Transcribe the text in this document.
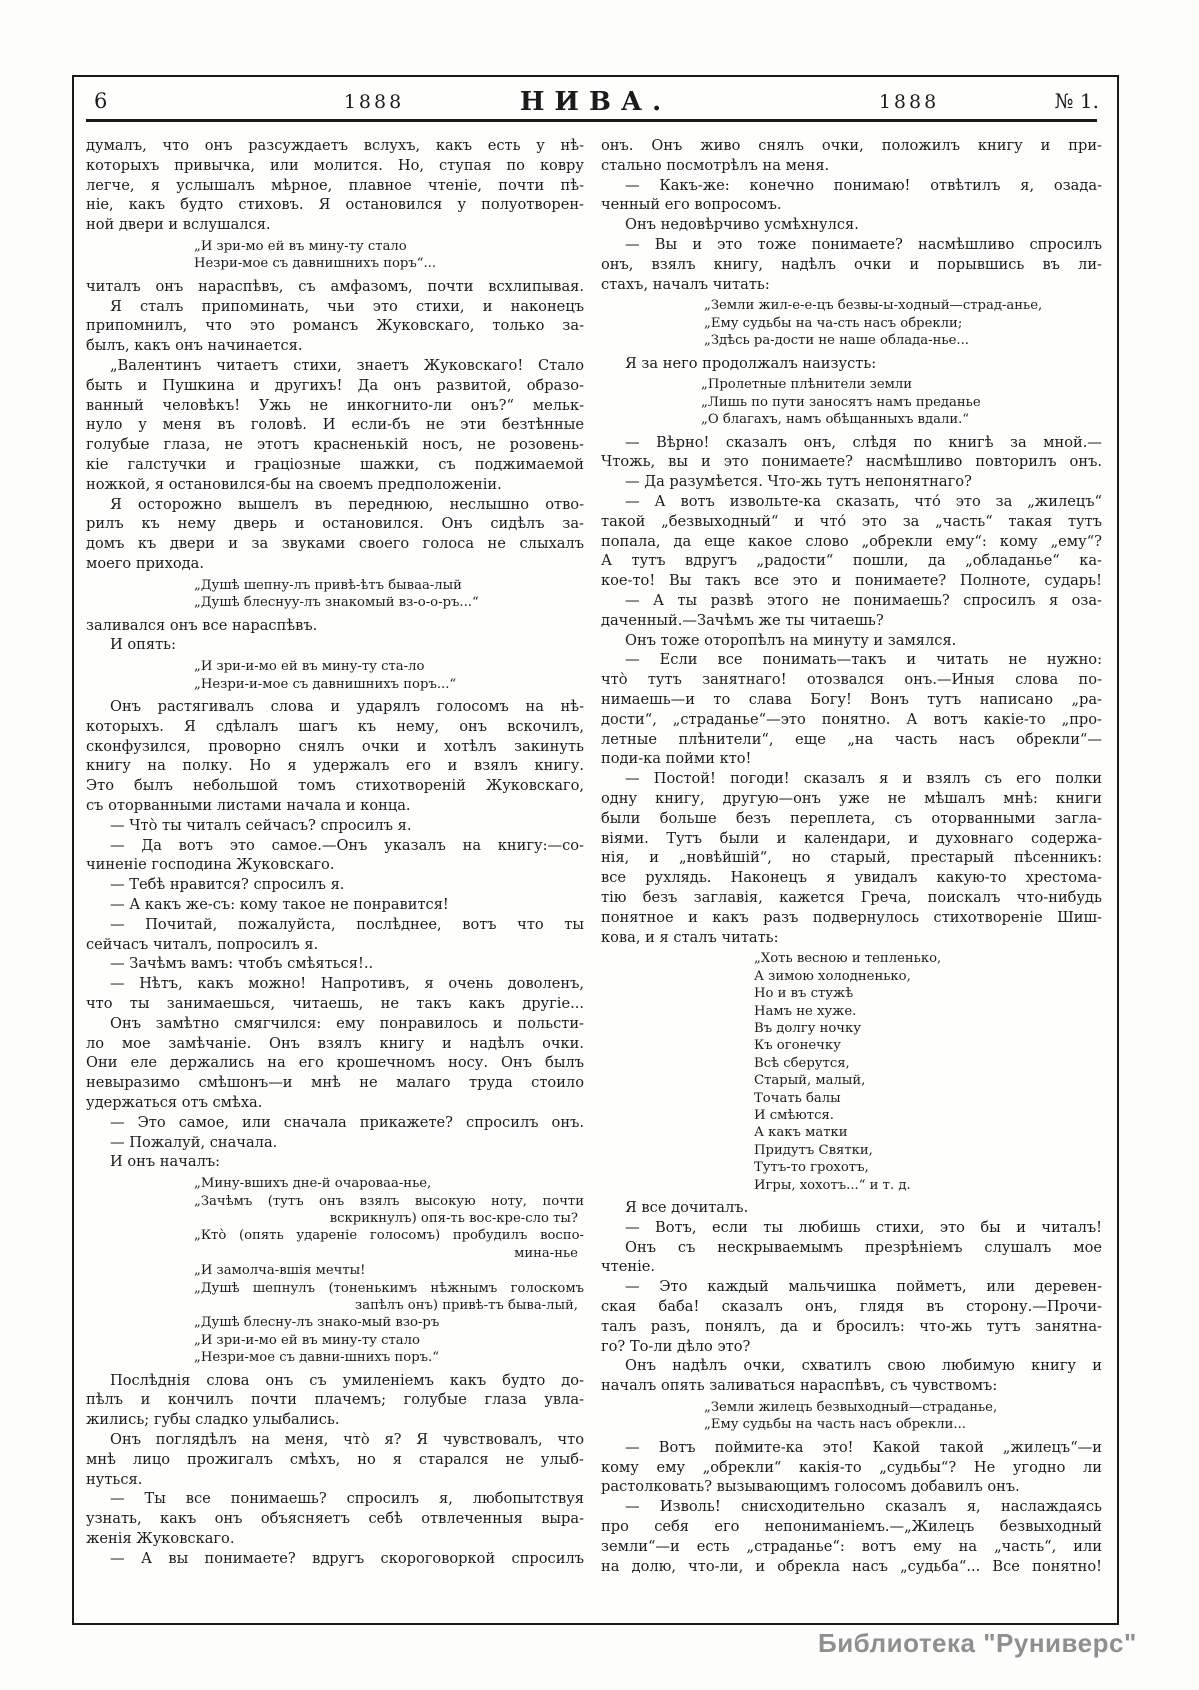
6	1888	НИВА.	1888	№ 1.
думалъ, что онъ разсуждаетъ вслухъ, какъ есть у нѣ-
которыхъ привычка, или молится. Но, ступая по ковру
легче, я услышалъ мѣрное, плавное чтеніе, почти пѣ-
ніе, какъ будто стиховъ. Я остановился у полуотворен-
ной двери и вслушался.
„И зри-мо ей въ мину-ту стало
Незри-мое съ давнишнихъ поръ“...
читалъ онъ нараспѣвъ, съ амфазомъ, почти всхлипывая.
Я сталъ припоминать, чьи это стихи, и наконецъ
припомнилъ, что это романсъ Жуковскаго, только за-
былъ, какъ онъ начинается.
„Валентинъ читаетъ стихи, знаетъ Жуковскаго! Стало
быть и Пушкина и другихъ! Да онъ развитой, образо-
ванный человѣкъ! Ужь не инкогнито-ли онъ?“ мельк-
нуло у меня въ головѣ. И если-бъ не эти безтѣнные
голубые глаза, не этотъ красненькій носъ, не розовень-
кіе галстучки и граціозные шажки, съ поджимаемой
ножкой, я остановился-бы на своемъ предположеніи.
Я осторожно вышелъ въ переднюю, неслышно отво-
рилъ къ нему дверь и остановился. Онъ сидѣлъ за-
домъ къ двери и за звуками своего голоса не слыхалъ
моего прихода.
„Душѣ шепну-лъ привѣ-ѣтъ бываа-лый
„Душѣ блеснуу-лъ знакомый вз-о-о-ръ...“
заливался онъ все нараспѣвъ.
И опять:
„И зри-и-мо ей въ мину-ту ста-ло
„Незри-и-мое съ давнишнихъ поръ...“
Онъ растягивалъ слова и ударялъ голосомъ на нѣ-
которыхъ. Я сдѣлалъ шагъ къ нему, онъ вскочилъ,
сконфузился, проворно снялъ очки и хотѣлъ закинуть
книгу на полку. Но я удержалъ его и взялъ книгу.
Это былъ небольшой томъ стихотвореній Жуковскаго,
съ оторванными листами начала и конца.
— Что̀ ты читалъ сейчасъ? спросилъ я.
— Да вотъ это самое.—Онъ указалъ на книгу:—со-
чиненіе господина Жуковскаго.
— Тебѣ нравится? спросилъ я.
— А какъ же-съ: кому такое не понравится!
— Почитай, пожалуйста, послѣднее, вотъ что ты
сейчасъ читалъ, попросилъ я.
— Зачѣмъ вамъ: чтобъ смѣяться!..
— Нѣтъ, какъ можно! Напротивъ, я очень доволенъ,
что ты занимаешься, читаешь, не такъ какъ другіе...
Онъ замѣтно смягчился: ему понравилось и польсти-
ло мое замѣчаніе. Онъ взялъ книгу и надѣлъ очки.
Они еле держались на его крошечномъ носу. Онъ былъ
невыразимо смѣшонъ—и мнѣ не малаго труда стоило
удержаться отъ смѣха.
— Это самое, или сначала прикажете? спросилъ онъ.
— Пожалуй, сначала.
И онъ началъ:
„Мину-вшихъ дне-й очароваа-нье,
„Зачѣмъ (тутъ онъ взялъ высокую ноту, почти
вскрикнулъ) опя-ть вос-кре-сло ты?
„Кто̀ (опять удареніе голосомъ) пробудилъ воспо-
мина-нье
„И замолча-вшія мечты!
„Душѣ шепнулъ (тоненькимъ нѣжнымъ голоскомъ
запѣлъ онъ) привѣ-тъ быва-лый,
„Душѣ блесну-лъ знако-мый взо-ръ
„И зри-и-мо ей въ мину-ту стало
„Незри-мое съ давни-шнихъ поръ.“
Послѣднія слова онъ съ умиленіемъ какъ будто до-
пѣлъ и кончилъ почти плачемъ; голубые глаза увла-
жились; губы сладко улыбались.
Онъ поглядѣлъ на меня, что̀ я? Я чувствовалъ, что
мнѣ лицо прожигалъ смѣхъ, но я старался не улыб-
нуться.
— Ты все понимаешь? спросилъ я, любопытствуя
узнать, какъ онъ объясняетъ себѣ отвлеченныя выра-
женія Жуковскаго.
— А вы понимаете? вдругъ скороговоркой спросилъ
онъ. Онъ живо снялъ очки, положилъ книгу и при-
стально посмотрѣлъ на меня.
— Какъ-же: конечно понимаю! отвѣтилъ я, озада-
ченный его вопросомъ.
Онъ недовѣрчиво усмѣхнулся.
— Вы и это тоже понимаете? насмѣшливо спросилъ
онъ, взялъ книгу, надѣлъ очки и порывшись въ ли-
стахъ, началъ читать:
„Земли жил-е-е-цъ безвы-ы-ходный—страд-анье,
„Ему судьбы на ча-сть насъ обрекли;
„Здѣсь ра-дости не наше облада-нье...
Я за него продолжалъ наизусть:
„Пролетные плѣнители земли
„Лишь по пути заносятъ намъ преданье
„О благахъ, намъ обѣщанныхъ вдали.“
— Вѣрно! сказалъ онъ, слѣдя по книгѣ за мной.—
Чтожь, вы и это понимаете? насмѣшливо повторилъ онъ.
— Да разумѣется. Что-жь тутъ непонятнаго?
— А вотъ извольте-ка сказать, что́ это за „жилецъ“
такой „безвыходный“ и что́ это за „часть“ такая тутъ
попала, да еще какое слово „обрекли ему“: кому „ему“?
А тутъ вдругъ „радости“ пошли, да „обладанье“ ка-
кое-то! Вы такъ все это и понимаете? Полноте, сударь!
— А ты развѣ этого не понимаешь? спросилъ я оза-
даченный.—Зачѣмъ же ты читаешь?
Онъ тоже оторопѣлъ на минуту и замялся.
— Если все понимать—такъ и читать не нужно:
что̀ тутъ занятнаго! отозвался онъ.—Иныя слова по-
нимаешь—и то слава Богу! Вонъ тутъ написано „ра-
дости“, „страданье“—это понятно. А вотъ какіе-то „про-
летные плѣнители“, еще „на часть насъ обрекли“—
поди-ка пойми кто!
— Постой! погоди! сказалъ я и взялъ съ его полки
одну книгу, другую—онъ уже не мѣшалъ мнѣ: книги
были больше безъ переплета, съ оторванными загла-
віями. Тутъ были и календари, и духовнаго содержа-
нія, и „новѣйшій“, но старый, престарый пѣсенникъ:
все рухлядь. Наконецъ я увидалъ какую-то хрестома-
тію безъ заглавія, кажется Греча, поискалъ что-нибудь
понятное и какъ разъ подвернулось стихотвореніе Шиш-
кова, и я сталъ читать:
„Хоть весною и тепленько,
А зимою холодненько,
Но и въ стужѣ
Намъ не хуже.
Въ долгу ночку
Къ огонечку
Всѣ сберутся,
Старый, малый,
Точать балы
И смѣются.
А какъ матки
Придутъ Святки,
Тутъ-то грохотъ,
Игры, хохотъ...“ и т. д.
Я все дочиталъ.
— Вотъ, если ты любишь стихи, это бы и читалъ!
Онъ съ нескрываемымъ презрѣніемъ слушалъ мое
чтеніе.
— Это каждый мальчишка пойметъ, или деревен-
ская баба! сказалъ онъ, глядя въ сторону.—Прочи-
талъ разъ, понялъ, да и бросилъ: что-жь тутъ занятна-
го? То-ли дѣло это?
Онъ надѣлъ очки, схватилъ свою любимую книгу и
началъ опять заливаться нараспѣвъ, съ чувствомъ:
„Земли жилецъ безвыходный—страданье,
„Ему судьбы на часть насъ обрекли...
— Вотъ поймите-ка это! Какой такой „жилецъ“—и
кому ему „обрекли“ какія-то „судьбы“? Не угодно ли
растолковать? вызывающимъ голосомъ добавилъ онъ.
— Изволь! снисходительно сказалъ я, наслаждаясь
про себя его непониманіемъ.—„Жилецъ безвыходный
земли“—и есть „страданье“: вотъ ему на „часть“, или
на долю, что-ли, и обрекла насъ „судьба“... Все понятно!
Библиотека "Руниверс"
